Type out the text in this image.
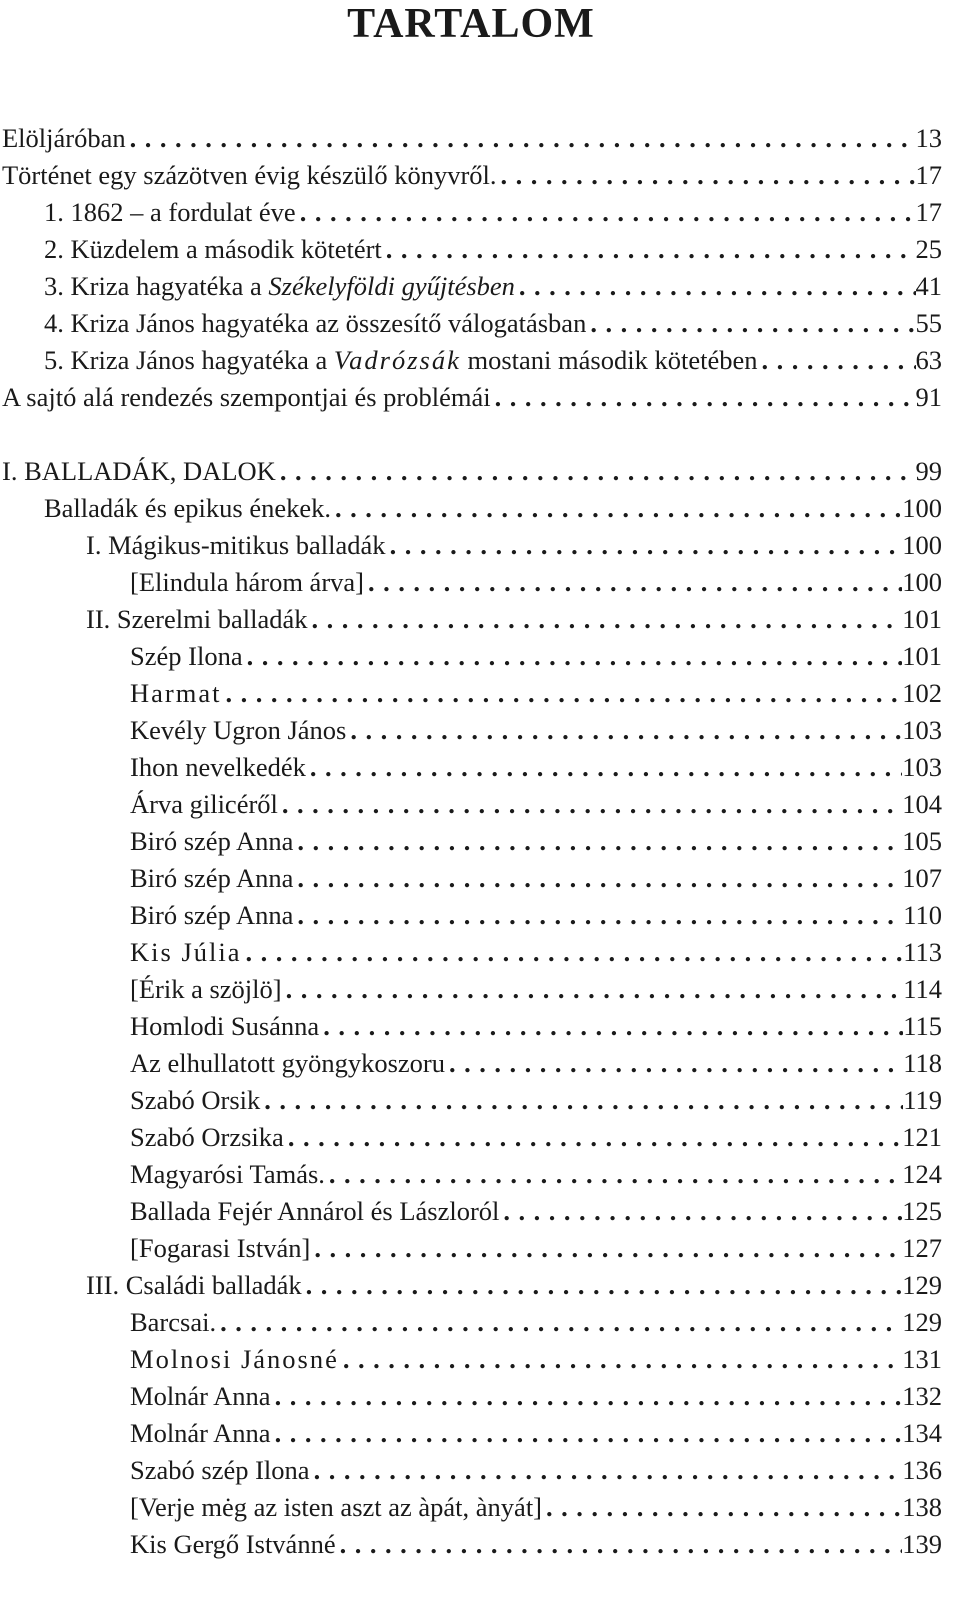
TARTALOM
Elöljáróban .....	13
Történet egy százötven évig készülő könyvről. .....	17
1. 1862 – a fordulat éve .....	17
2. Küzdelem a második kötetért .....	25
3. Kriza hagyatéka a Székelyföldi gyűjtésben .....	41
4. Kriza János hagyatéka az összesítő válogatásban .....	55
5. Kriza János hagyatéka a Vadrózsák mostani második kötetében .....	63
A sajtó alá rendezés szempontjai és problémái .....	91
I. BALLADÁK, DALOK .....	99
Balladák és epikus énekek. .....	100
I. Mágikus-mitikus balladák .....	100
[Elindula három árva] .....	100
II. Szerelmi balladák .....	101
Szép Ilona .....	101
Harmat .....	102
Kevély Ugron János .....	103
Ihon nevelkedék .....	103
Árva gilicéről .....	104
Biró szép Anna .....	105
Biró szép Anna .....	107
Biró szép Anna .....	110
Kis Júlia .....	113
[Érik a szöjlö] .....	114
Homlodi Susánna .....	115
Az elhullatott gyöngykoszoru .....	118
Szabó Orsik .....	119
Szabó Orzsika .....	121
Magyarósi Tamás. .....	124
Ballada Fejér Annárol és Lászloról .....	125
[Fogarasi István] .....	127
III. Családi balladák .....	129
Barcsai. .....	129
Molnosi Jánosné .....	131
Molnár Anna .....	132
Molnár Anna .....	134
Szabó szép Ilona .....	136
[Verje mėg az isten aszt az àpát, ànyát] .....	138
Kis Gergő Istvánné .....	139
